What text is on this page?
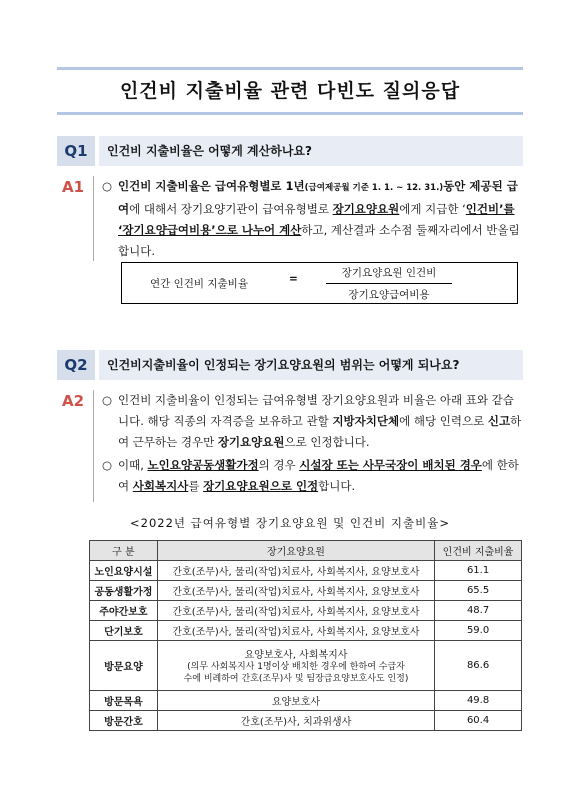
인건비 지출비율 관련 다빈도 질의응답
Q1	인건비 지출비율은 어떻게 계산하나요?
A1 ○ 인건비 지출비율은 급여유형별로 1년(급여제공월 기준 1. 1. ~ 12. 31.)동안 제공된 급여에 대해서 장기요양기관이 급여유형별로 장기요양요원에게 지급한 ‘인건비’를 ‘장기요양급여비용’으로 나누어 계산하고, 계산결과 소수점 둘째자리에서 반올림 합니다.
연간 인건비 지출비율	=	장기요양요원 인건비
장기요양급여비용
Q2	인건비지출비율이 인정되는 장기요양요원의 범위는 어떻게 되나요?
A2 ○ 인건비 지출비율이 인정되는 급여유형별 장기요양요원과 비율은 아래 표와 같습니다. 해당 직종의 자격증을 보유하고 관할 지방자치단체에 해당 인력으로 신고하여 근무하는 경우만 장기요양요원으로 인정합니다.
○ 이때, 노인요양공동생활가정의 경우 시설장 또는 사무국장이 배치된 경우에 한하여 사회복지사를 장기요양요원으로 인정합니다.
<2022년 급여유형별 장기요양요원 및 인건비 지출비율>
구 분	장기요양요원	인건비 지출비율
노인요양시설	간호(조무)사, 물리(작업)치료사, 사회복지사, 요양보호사	61.1
공동생활가정	간호(조무)사, 물리(작업)치료사, 사회복지사, 요양보호사	65.5
주야간보호	간호(조무)사, 물리(작업)치료사, 사회복지사, 요양보호사	48.7
단기보호	간호(조무)사, 물리(작업)치료사, 사회복지사, 요양보호사	59.0
방문요양	요양보호사, 사회복지사
(의무 사회복지사 1명이상 배치한 경우에 한하여 수급자
수에 비례하여 간호(조무)사 및 팀장급요양보호사도 인정)	86.6
방문목욕	요양보호사	49.8
방문간호	간호(조무)사, 치과위생사	60.4
